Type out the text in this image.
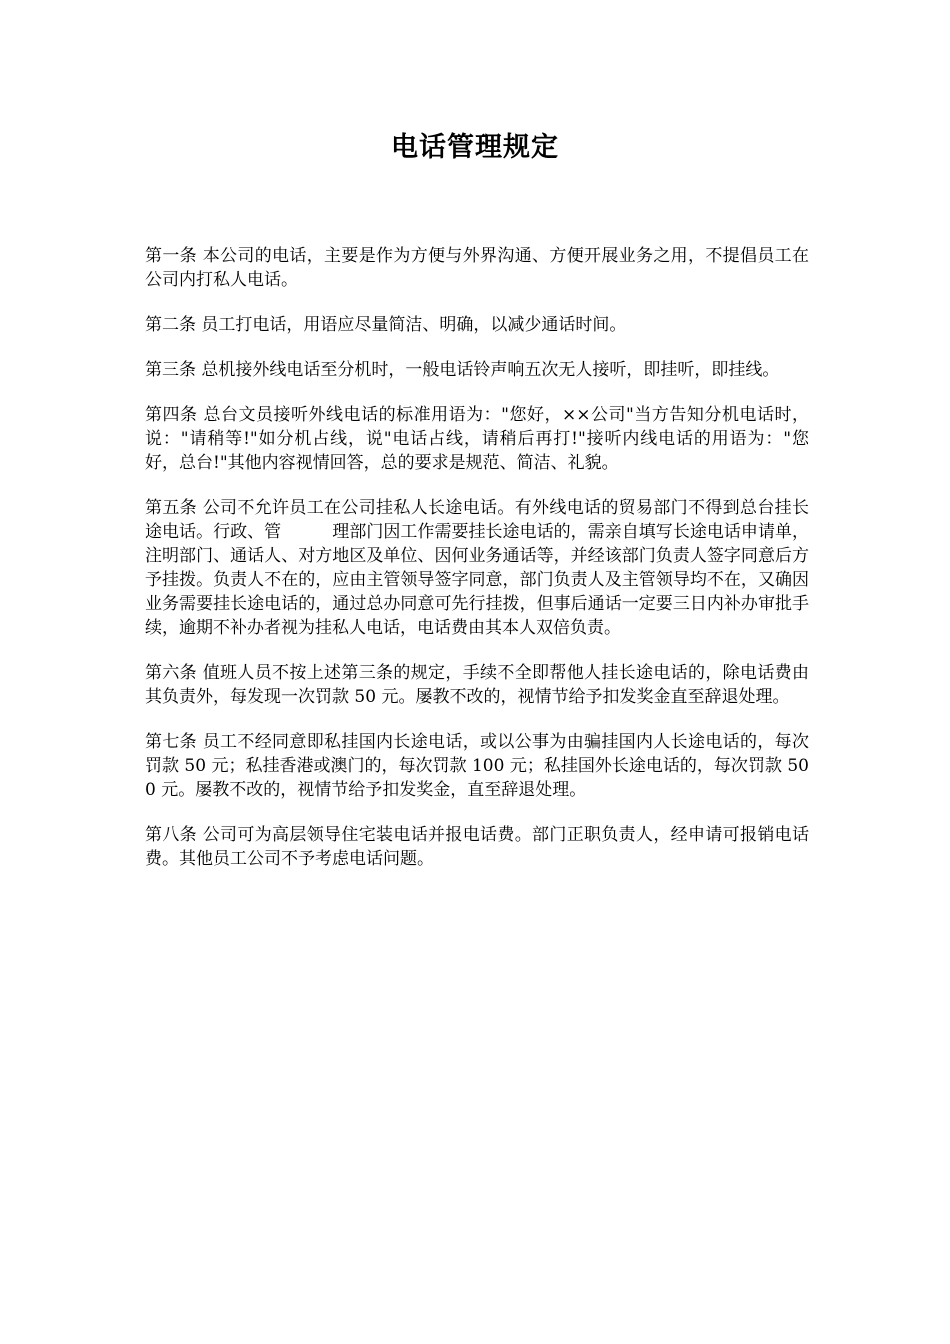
电话管理规定

第一条 本公司的电话，主要是作为方便与外界沟通、方便开展业务之用，不提倡员工在公司内打私人电话。

第二条 员工打电话，用语应尽量简洁、明确，以减少通话时间。

第三条 总机接外线电话至分机时，一般电话铃声响五次无人接听，即挂听，即挂线。

第四条 总台文员接听外线电话的标准用语为："您好，××公司"当方告知分机电话时，说："请稍等!"如分机占线，说"电话占线，请稍后再打!"接听内线电话的用语为："您好，总台!"其他内容视情回答，总的要求是规范、简洁、礼貌。

第五条 公司不允许员工在公司挂私人长途电话。有外线电话的贸易部门不得到总台挂长途电话。行政、管　　　理部门因工作需要挂长途电话的，需亲自填写长途电话申请单，注明部门、通话人、对方地区及单位、因何业务通话等，并经该部门负责人签字同意后方予挂拨。负责人不在的，应由主管领导签字同意，部门负责人及主管领导均不在，又确因业务需要挂长途电话的，通过总办同意可先行挂拨，但事后通话一定要三日内补办审批手续，逾期不补办者视为挂私人电话，电话费由其本人双倍负责。

第六条 值班人员不按上述第三条的规定，手续不全即帮他人挂长途电话的，除电话费由其负责外，每发现一次罚款 50 元。屡教不改的，视情节给予扣发奖金直至辞退处理。

第七条 员工不经同意即私挂国内长途电话，或以公事为由骗挂国内人长途电话的，每次罚款 50 元；私挂香港或澳门的，每次罚款 100 元；私挂国外长途电话的，每次罚款 500 元。屡教不改的，视情节给予扣发奖金，直至辞退处理。

第八条 公司可为高层领导住宅装电话并报电话费。部门正职负责人，经申请可报销电话费。其他员工公司不予考虑电话问题。
